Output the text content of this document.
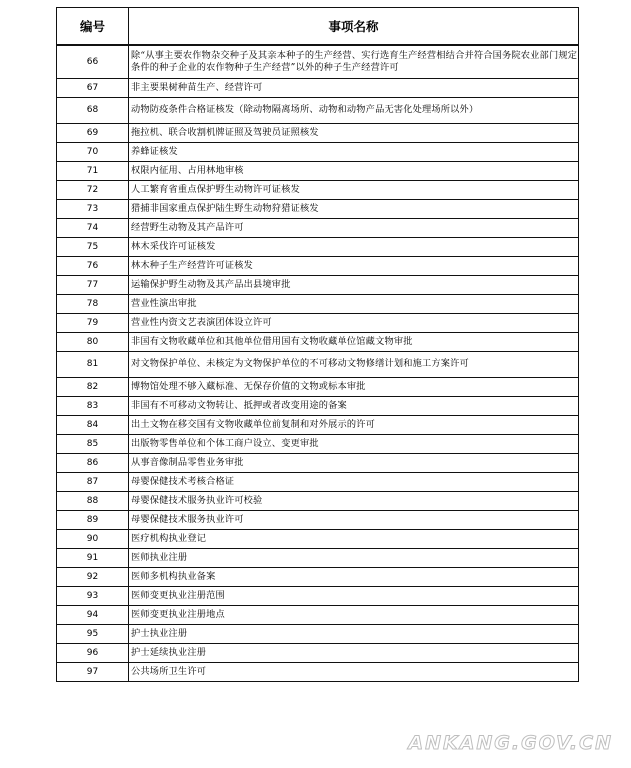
编号	事项名称
66	除“从事主要农作物杂交种子及其亲本种子的生产经营、实行选育生产经营相结合并符合国务院农业部门规定条件的种子企业的农作物种子生产经营”以外的种子生产经营许可
67	非主要果树种苗生产、经营许可
68	动物防疫条件合格证核发（除动物隔离场所、动物和动物产品无害化处理场所以外）
69	拖拉机、联合收割机牌证照及驾驶员证照核发
70	养蜂证核发
71	权限内征用、占用林地审核
72	人工繁育省重点保护野生动物许可证核发
73	猎捕非国家重点保护陆生野生动物狩猎证核发
74	经营野生动物及其产品许可
75	林木采伐许可证核发
76	林木种子生产经营许可证核发
77	运输保护野生动物及其产品出县境审批
78	营业性演出审批
79	营业性内资文艺表演团体设立许可
80	非国有文物收藏单位和其他单位借用国有文物收藏单位馆藏文物审批
81	对文物保护单位、未核定为文物保护单位的不可移动文物修缮计划和施工方案许可
82	博物馆处理不够入藏标准、无保存价值的文物或标本审批
83	非国有不可移动文物转让、抵押或者改变用途的备案
84	出土文物在移交国有文物收藏单位前复制和对外展示的许可
85	出版物零售单位和个体工商户设立、变更审批
86	从事音像制品零售业务审批
87	母婴保健技术考核合格证
88	母婴保健技术服务执业许可校验
89	母婴保健技术服务执业许可
90	医疗机构执业登记
91	医师执业注册
92	医师多机构执业备案
93	医师变更执业注册范围
94	医师变更执业注册地点
95	护士执业注册
96	护士延续执业注册
97	公共场所卫生许可
ANKANG.GOV.CN
